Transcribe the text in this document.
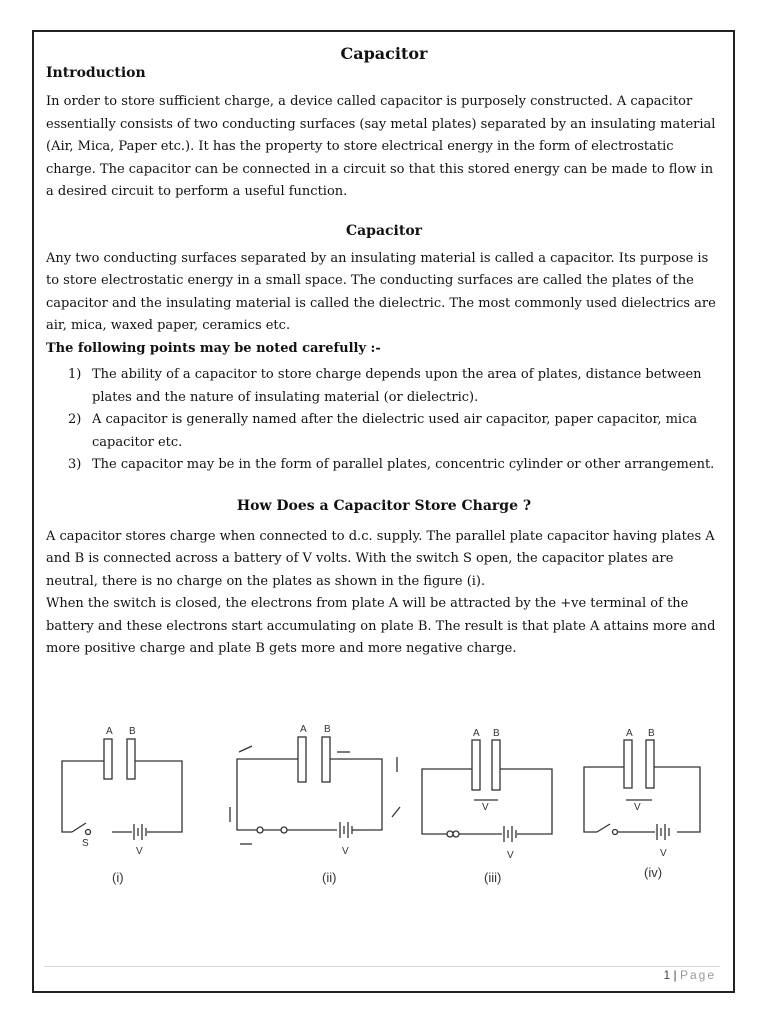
Capacitor
Introduction

In order to store sufficient charge, a device called capacitor is purposely constructed. A capacitor essentially consists of two conducting surfaces (say metal plates) separated by an insulating material (Air, Mica, Paper etc.). It has the property to store electrical energy in the form of electrostatic charge. The capacitor can be connected in a circuit so that this stored energy can be made to flow in a desired circuit to perform a useful function.

Capacitor

Any two conducting surfaces separated by an insulating material is called a capacitor. Its purpose is to store electrostatic energy in a small space. The conducting surfaces are called the plates of the capacitor and the insulating material is called the dielectric. The most commonly used dielectrics are air, mica, waxed paper, ceramics etc.

The following points may be noted carefully :-
1) The ability of a capacitor to store charge depends upon the area of plates, distance between plates and the nature of insulating material (or dielectric).
2) A capacitor is generally named after the dielectric used air capacitor, paper capacitor, mica capacitor etc.
3) The capacitor may be in the form of parallel plates, concentric cylinder or other arrangement.
How Does a Capacitor Store Charge ?

A capacitor stores charge when connected to d.c. supply. The parallel plate capacitor having plates A and B is connected across a battery of V volts. With the switch S open, the capacitor plates are neutral, there is no charge on the plates as shown in the figure (i).

When the switch is closed, the electrons from plate A will be attracted by the +ve terminal of the battery and these electrons start accumulating on plate B. The result is that plate A attains more and more positive charge and plate B gets more and more negative charge.

A B
S
V
(i)
A B
V
(ii)
A B
V
V
(iii)
A B
V
V
(iv)
1 | Page
